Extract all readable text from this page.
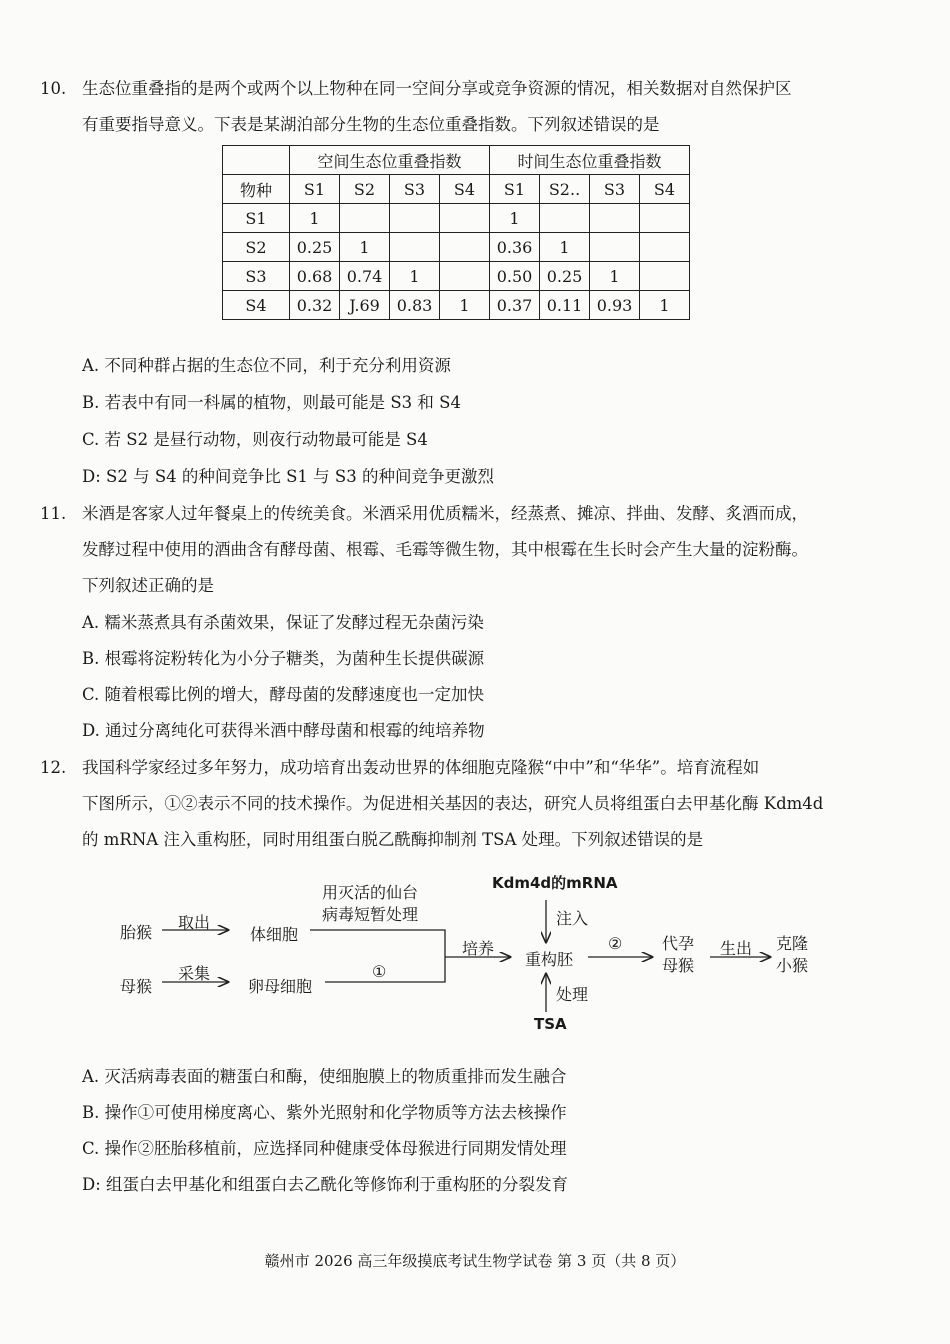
10. 生态位重叠指的是两个或两个以上物种在同一空间分享或竞争资源的情况，相关数据对自然保护区
有重要指导意义。下表是某湖泊部分生物的生态位重叠指数。下列叙述错误的是
	空间生态位重叠指数				时间生态位重叠指数			
物种	S1	S2	S3	S4	S1	S2..	S3	S4
S1	1				1			
S2	0.25	1			0.36	1		
S3	0.68	0.74	1		0.50	0.25	1	
S4	0.32	J.69	0.83	1	0.37	0.11	0.93	1
A. 不同种群占据的生态位不同，利于充分利用资源
B. 若表中有同一科属的植物，则最可能是 S3 和 S4
C. 若 S2 是昼行动物，则夜行动物最可能是 S4
D: S2 与 S4 的种间竞争比 S1 与 S3 的种间竞争更激烈
11. 米酒是客家人过年餐桌上的传统美食。米酒采用优质糯米，经蒸煮、摊凉、拌曲、发酵、炙酒而成，
发酵过程中使用的酒曲含有酵母菌、根霉、毛霉等微生物，其中根霉在生长时会产生大量的淀粉酶。
下列叙述正确的是
A. 糯米蒸煮具有杀菌效果，保证了发酵过程无杂菌污染
B. 根霉将淀粉转化为小分子糖类，为菌种生长提供碳源
C. 随着根霉比例的增大，酵母菌的发酵速度也一定加快
D. 通过分离纯化可获得米酒中酵母菌和根霉的纯培养物
12. 我国科学家经过多年努力，成功培育出轰动世界的体细胞克隆猴“中中”和“华华”。培育流程如
下图所示，①②表示不同的技术操作。为促进相关基因的表达，研究人员将组蛋白去甲基化酶 Kdm4d
的 mRNA 注入重构胚，同时用组蛋白脱乙酰酶抑制剂 TSA 处理。下列叙述错误的是
胎猴
取出
体细胞
用灭活的仙台
病毒短暂处理
母猴
采集
卵母细胞
①
培养
Kdm4d的mRNA
注入
重构胚
处理
TSA
② 代孕
母猴
生出 克隆
小猴
A. 灭活病毒表面的糖蛋白和酶，使细胞膜上的物质重排而发生融合
B. 操作①可使用梯度离心、紫外光照射和化学物质等方法去核操作
C. 操作②胚胎移植前，应选择同种健康受体母猴进行同期发情处理
D: 组蛋白去甲基化和组蛋白去乙酰化等修饰利于重构胚的分裂发育
赣州市 2026 高三年级摸底考试生物学试卷 第 3 页（共 8 页）
